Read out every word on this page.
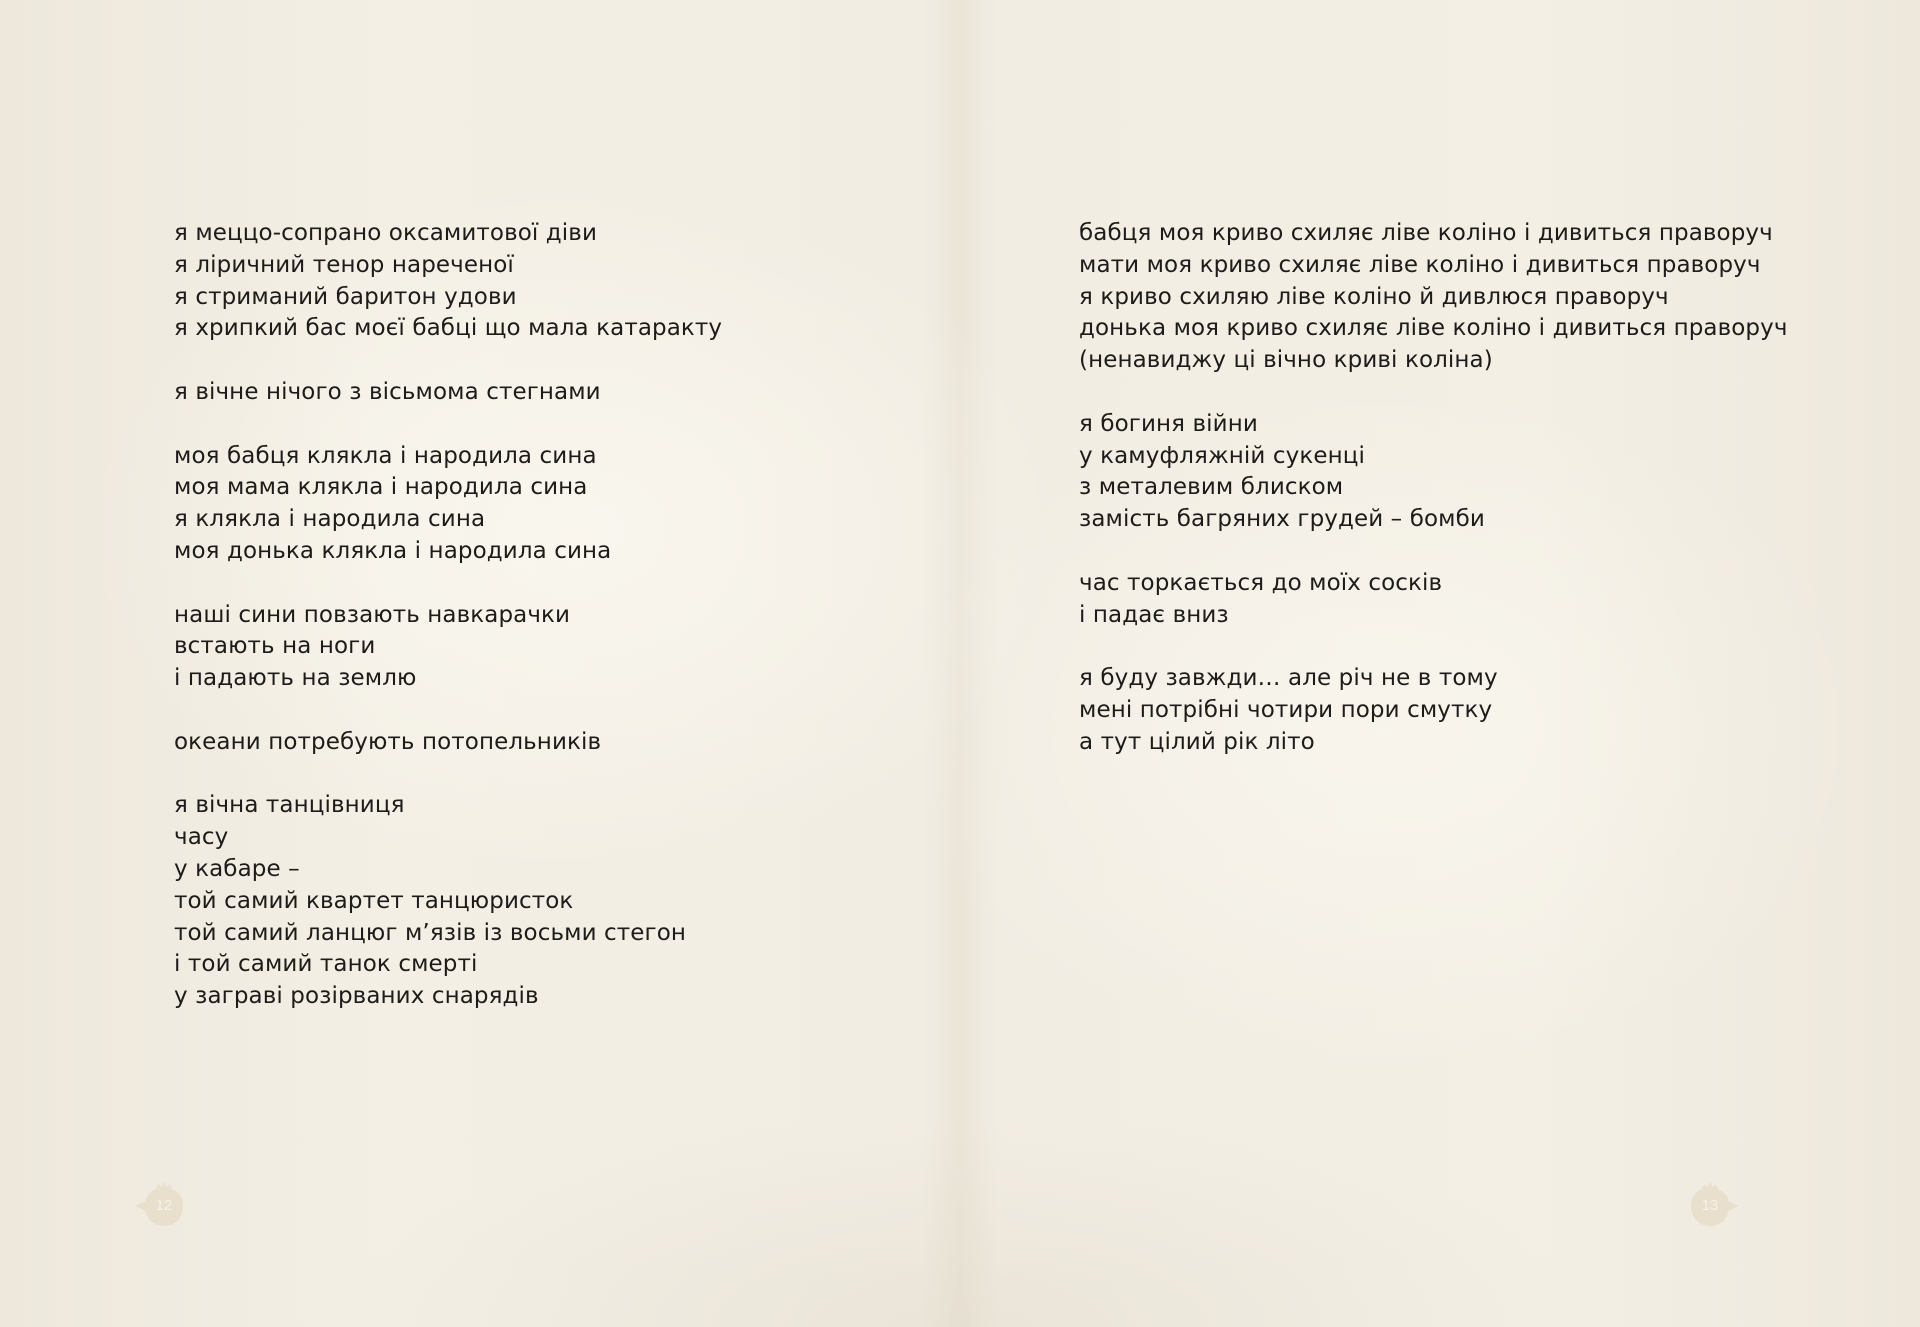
я меццо-сопрано оксамитової діви
я ліричний тенор нареченої
я стриманий баритон удови
я хрипкий бас моєї бабці що мала катаракту
я вічне нічого з вісьмома стегнами
моя бабця клякла і народила сина
моя мама клякла і народила сина
я клякла і народила сина
моя донька клякла і народила сина
наші сини повзають навкарачки
встають на ноги
і падають на землю
океани потребують потопельників
я вічна танцівниця
часу
у кабаре –
той самий квартет танцюристок
той самий ланцюг м’язів із восьми стегон
і той самий танок смерті
у заграві розірваних снарядів
12
бабця моя криво схиляє ліве коліно і дивиться праворуч
мати моя криво схиляє ліве коліно і дивиться праворуч
я криво схиляю ліве коліно й дивлюся праворуч
донька моя криво схиляє ліве коліно і дивиться праворуч
(ненавиджу ці вічно криві коліна)
я богиня війни
у камуфляжній сукенці
з металевим блиском
замість багряних грудей – бомби
час торкається до моїх сосків
і падає вниз
я буду завжди… але річ не в тому
мені потрібні чотири пори смутку
а тут цілий рік літо
13
